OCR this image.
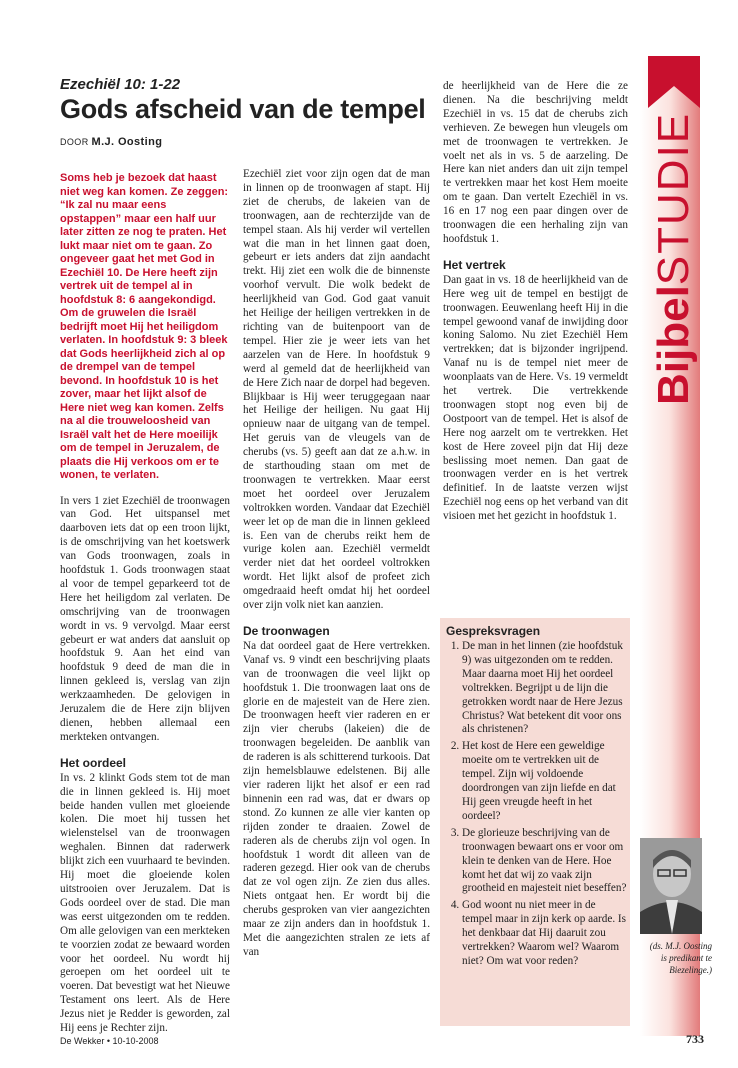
Ezechiël 10: 1-22
Gods afscheid van de tempel
DOOR M.J. Oosting

Soms heb je bezoek dat haast niet weg kan komen. Ze zeggen: “Ik zal nu maar eens opstappen” maar een half uur later zitten ze nog te praten. Het lukt maar niet om te gaan. Zo ongeveer gaat het met God in Ezechiël 10. De Here heeft zijn vertrek uit de tempel al in hoofdstuk 8: 6 aangekondigd. Om de gruwelen die Israël bedrijft moet Hij het heiligdom verlaten. In hoofdstuk 9: 3 bleek dat Gods heerlijkheid zich al op de drempel van de tempel bevond. In hoofdstuk 10 is het zover, maar het lijkt alsof de Here niet weg kan komen. Zelfs na al die trouweloosheid van Israël valt het de Here moeilijk om de tempel in Jeruzalem, de plaats die Hij verkoos om er te wonen, te verlaten.

In vers 1 ziet Ezechiël de troonwagen van God. Het uitspansel met daarboven iets dat op een troon lijkt, is de omschrijving van het koetswerk van Gods troonwagen, zoals in hoofdstuk 1. Gods troonwagen staat al voor de tempel geparkeerd tot de Here het heiligdom zal verlaten. De omschrijving van de troonwagen wordt in vs. 9 vervolgd. Maar eerst gebeurt er wat anders dat aansluit op hoofdstuk 9. Aan het eind van hoofdstuk 9 deed de man die in linnen gekleed is, verslag van zijn werkzaamheden. De gelovigen in Jeruzalem die de Here zijn blijven dienen, hebben allemaal een merkteken ontvangen.

Het oordeel

In vs. 2 klinkt Gods stem tot de man die in linnen gekleed is. Hij moet beide handen vullen met gloeiende kolen. Die moet hij tussen het wielenstelsel van de troonwagen weghalen. Binnen dat raderwerk blijkt zich een vuurhaard te bevinden. Hij moet die gloeiende kolen uitstrooien over Jeruzalem. Dat is Gods oordeel over de stad. Die man was eerst uitgezonden om te redden. Om alle gelovigen van een merkteken te voorzien zodat ze bewaard worden voor het oordeel. Nu wordt hij geroepen om het oordeel uit te voeren. Dat bevestigt wat het Nieuwe Testament ons leert. Als de Here Jezus niet je Redder is geworden, zal Hij eens je Rechter zijn.

Ezechiël ziet voor zijn ogen dat de man in linnen op de troonwagen af stapt. Hij ziet de cherubs, de lakeien van de troonwagen, aan de rechterzijde van de tempel staan. Als hij verder wil vertellen wat die man in het linnen gaat doen, gebeurt er iets anders dat zijn aandacht trekt. Hij ziet een wolk die de binnenste voorhof vervult. Die wolk bedekt de heerlijkheid van God. God gaat vanuit het Heilige der heiligen vertrekken in de richting van de buitenpoort van de tempel. Hier zie je weer iets van het aarzelen van de Here. In hoofdstuk 9 werd al gemeld dat de heerlijkheid van de Here Zich naar de dorpel had begeven. Blijkbaar is Hij weer teruggegaan naar het Heilige der heiligen. Nu gaat Hij opnieuw naar de uitgang van de tempel. Het geruis van de vleugels van de cherubs (vs. 5) geeft aan dat ze a.h.w. in de starthouding staan om met de troonwagen te vertrekken. Maar eerst moet het oordeel over Jeruzalem voltrokken worden. Vandaar dat Ezechiël weer let op de man die in linnen gekleed is. Een van de cherubs reikt hem de vurige kolen aan. Ezechiël vermeldt verder niet dat het oordeel voltrokken wordt. Het lijkt alsof de profeet zich omgedraaid heeft omdat hij het oordeel over zijn volk niet kan aanzien.

De troonwagen

Na dat oordeel gaat de Here vertrekken. Vanaf vs. 9 vindt een beschrijving plaats van de troonwagen die veel lijkt op hoofdstuk 1. Die troonwagen laat ons de glorie en de majesteit van de Here zien. De troonwagen heeft vier raderen en er zijn vier cherubs (lakeien) die de troonwagen begeleiden. De aanblik van de raderen is als schitterend turkoois. Dat zijn hemelsblauwe edelstenen. Bij alle vier raderen lijkt het alsof er een rad binnenin een rad was, dat er dwars op stond. Zo kunnen ze alle vier kanten op rijden zonder te draaien. Zowel de raderen als de cherubs zijn vol ogen. In hoofdstuk 1 wordt dit alleen van de raderen gezegd. Hier ook van de cherubs dat ze vol ogen zijn. Ze zien dus alles. Niets ontgaat hen. Er wordt bij die cherubs gesproken van vier aangezichten maar ze zijn anders dan in hoofdstuk 1. Met die aangezichten stralen ze iets af van

de heerlijkheid van de Here die ze dienen. Na die beschrijving meldt Ezechiël in vs. 15 dat de cherubs zich verhieven. Ze bewegen hun vleugels om met de troonwagen te vertrekken. Je voelt net als in vs. 5 de aarzeling. De Here kan niet anders dan uit zijn tempel te vertrekken maar het kost Hem moeite om te gaan. Dan vertelt Ezechiël in vs. 16 en 17 nog een paar dingen over de troonwagen die een herhaling zijn van hoofdstuk 1.

Het vertrek

Dan gaat in vs. 18 de heerlijkheid van de Here weg uit de tempel en bestijgt de troonwagen. Eeuwenlang heeft Hij in die tempel gewoond vanaf de inwijding door koning Salomo. Nu ziet Ezechiël Hem vertrekken; dat is bijzonder ingrijpend. Vanaf nu is de tempel niet meer de woonplaats van de Here. Vs. 19 vermeldt het vertrek. Die vertrekkende troonwagen stopt nog even bij de Oostpoort van de tempel. Het is alsof de Here nog aarzelt om te vertrekken. Het kost de Here zoveel pijn dat Hij deze beslissing moet nemen. Dan gaat de troonwagen verder en is het vertrek definitief. In de laatste verzen wijst Ezechiël nog eens op het verband van dit visioen met het gezicht in hoofdstuk 1.

Gespreksvragen
1. De man in het linnen (zie hoofdstuk 9) was uitgezonden om te redden. Maar daarna moet Hij het oordeel voltrekken. Begrijpt u de lijn die getrokken wordt naar de Here Jezus Christus? Wat betekent dit voor ons als christenen?
2. Het kost de Here een geweldige moeite om te vertrekken uit de tempel. Zijn wij voldoende doordrongen van zijn liefde en dat Hij geen vreugde heeft in het oordeel?
3. De glorieuze beschrijving van de troonwagen bewaart ons er voor om klein te denken van de Here. Hoe komt het dat wij zo vaak zijn grootheid en majesteit niet beseffen?
4. God woont nu niet meer in de tempel maar in zijn kerk op aarde. Is het denkbaar dat Hij daaruit zou vertrekken? Waarom wel? Waarom niet? Om wat voor reden?
BijbelSTUDIE
(ds. M.J. Oosting
is predikant te
Biezelinge.)
De Wekker • 10-10-2008	733
